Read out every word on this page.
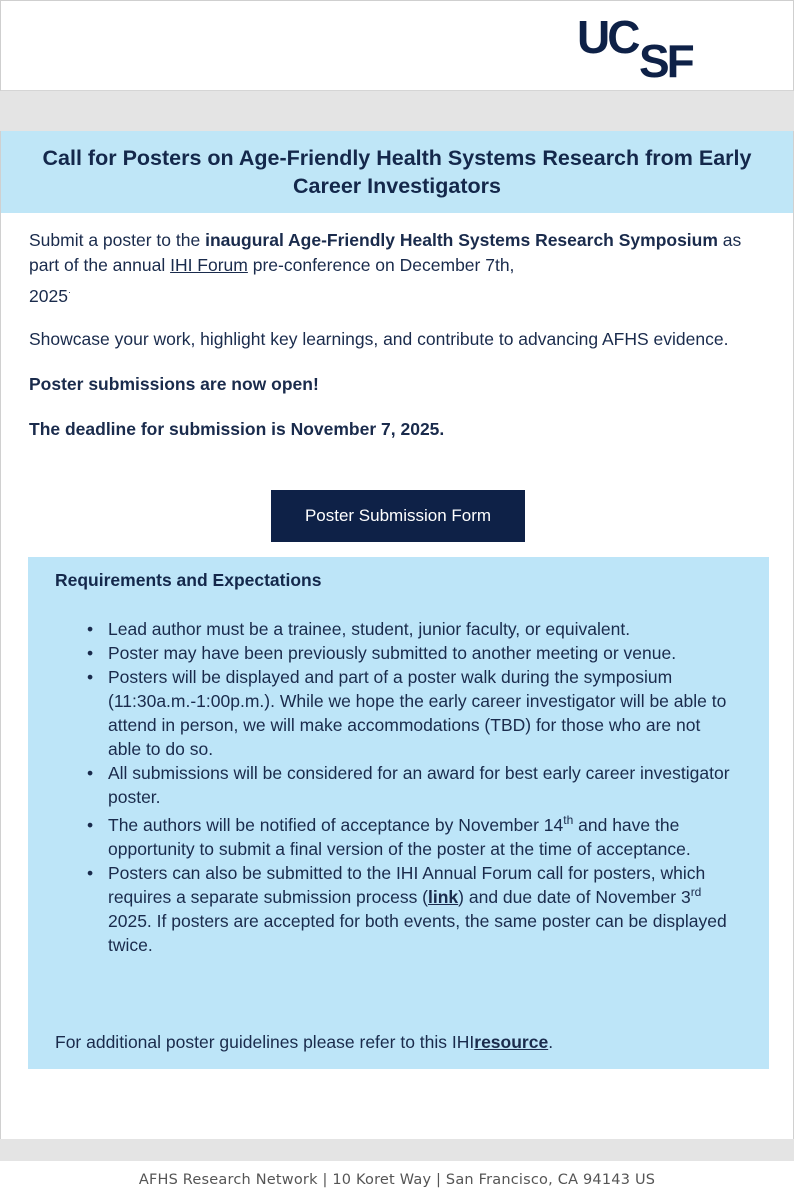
UC SF
Call for Posters on Age-Friendly Health Systems Research from Early Career Investigators

Submit a poster to the inaugural Age-Friendly Health Systems Research Symposium as part of the annual IHI Forum pre-conference on December 7th,
2025·

Showcase your work, highlight key learnings, and contribute to advancing AFHS evidence.

Poster submissions are now open!

The deadline for submission is November 7, 2025.

Poster Submission Form
Requirements and Expectations
• Lead author must be a trainee, student, junior faculty, or equivalent.
• Poster may have been previously submitted to another meeting or venue.
• Posters will be displayed and part of a poster walk during the symposium (11:30a.m.-1:00p.m.). While we hope the early career investigator will be able to attend in person, we will make accommodations (TBD) for those who are not able to do so.
• All submissions will be considered for an award for best early career investigator poster.
• The authors will be notified of acceptance by November 14th and have the opportunity to submit a final version of the poster at the time of acceptance.
• Posters can also be submitted to the IHI Annual Forum call for posters, which requires a separate submission process (link) and due date of November 3rd 2025. If posters are accepted for both events, the same poster can be displayed twice.
For additional poster guidelines please refer to this IHIresource.
AFHS Research Network | 10 Koret Way | San Francisco, CA 94143 US
